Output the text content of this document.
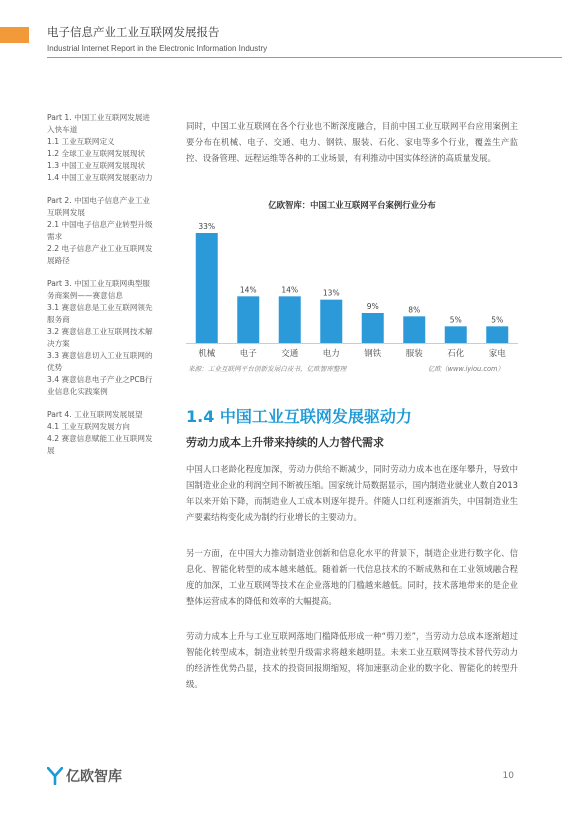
电子信息产业工业互联网发展报告
Industrial Internet Report in the Electronic Information Industry
Part 1. 中国工业互联网发展进
入快车道
1.1 工业互联网定义
1.2 全球工业互联网发展现状
1.3 中国工业互联网发展现状
1.4 中国工业互联网发展驱动力
Part 2. 中国电子信息产业工业
互联网发展
2.1 中国电子信息产业转型升级
需求
2.2 电子信息产业工业互联网发
展路径
Part 3. 中国工业互联网典型服
务商案例——赛意信息
3.1 赛意信息是工业互联网领先
服务商
3.2 赛意信息工业互联网技术解
决方案
3.3 赛意信息切入工业互联网的
优势
3.4 赛意信息电子产业之PCB行
业信息化实践案例
Part 4. 工业互联网发展展望
4.1 工业互联网发展方向
4.2 赛意信息赋能工业互联网发
展
同时，中国工业互联网在各个行业也不断深度融合，目前中国工业互联网平台应用案例主要分布在机械、电子、交通、电力、钢铁、服装、石化、家电等多个行业，覆盖生产监控、设备管理、远程运维等各种的工业场景，有利推动中国实体经济的高质量发展。
亿欧智库：中国工业互联网平台案例行业分布
33%
机械
14%
电子
14%
交通
13%
电力
9%
钢铁
8%
服装
5%
石化
5%
家电
来源：工业互联网平台创新发展白皮书，亿欧智库整理	亿欧（www.iyiou.com）
1.4 中国工业互联网发展驱动力
劳动力成本上升带来持续的人力替代需求
中国人口老龄化程度加深，劳动力供给不断减少，同时劳动力成本也在逐年攀升，导致中国制造业企业的利润空间不断被压缩。国家统计局数据显示，国内制造业就业人数自2013年以来开始下降，而制造业人工成本则逐年提升。伴随人口红利逐渐消失，中国制造业生产要素结构变化成为制约行业增长的主要动力。
另一方面，在中国大力推动制造业创新和信息化水平的背景下，制造企业进行数字化、信息化、智能化转型的成本越来越低。随着新一代信息技术的不断成熟和在工业领域融合程度的加深，工业互联网等技术在企业落地的门槛越来越低。同时，技术落地带来的是企业整体运营成本的降低和效率的大幅提高。
劳动力成本上升与工业互联网落地门槛降低形成一种“剪刀差”，当劳动力总成本逐渐超过智能化转型成本，制造业转型升级需求将越来越明显。未来工业互联网等技术替代劳动力的经济性优势凸显，技术的投资回报期缩短，将加速驱动企业的数字化、智能化的转型升级。
亿欧智库	10
